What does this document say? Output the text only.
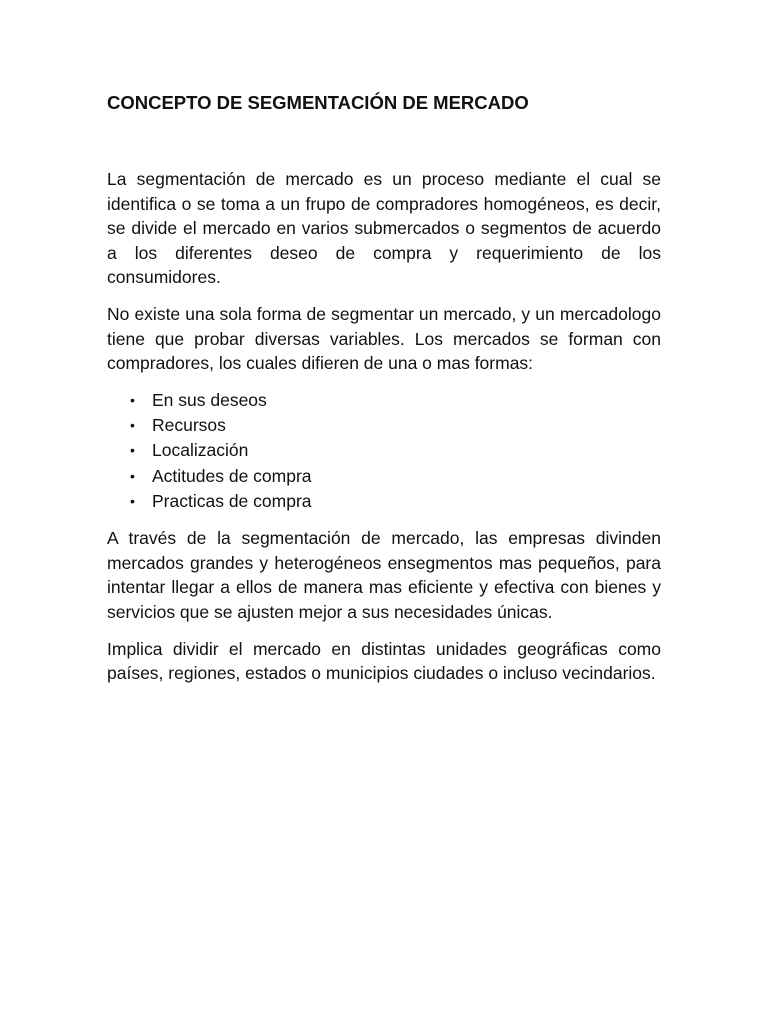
CONCEPTO DE SEGMENTACIÓN DE MERCADO

La segmentación de mercado es un proceso mediante el cual se identifica o se toma a un frupo de compradores homogéneos, es decir, se divide el mercado en varios submercados o segmentos de acuerdo a los diferentes deseo de compra y requerimiento de los consumidores.

No existe una sola forma de segmentar un mercado, y un mercadologo tiene que probar diversas variables. Los mercados se forman con compradores, los cuales difieren de una o mas formas:

• En sus deseos
• Recursos
• Localización
• Actitudes de compra
• Practicas de compra

A través de la segmentación de mercado, las empresas divinden mercados grandes y heterogéneos ensegmentos mas pequeños, para intentar llegar a ellos de manera mas eficiente y efectiva con bienes y servicios que se ajusten mejor a sus necesidades únicas.

Implica dividir el mercado en distintas unidades geográficas como países, regiones, estados o municipios ciudades o incluso vecindarios.
